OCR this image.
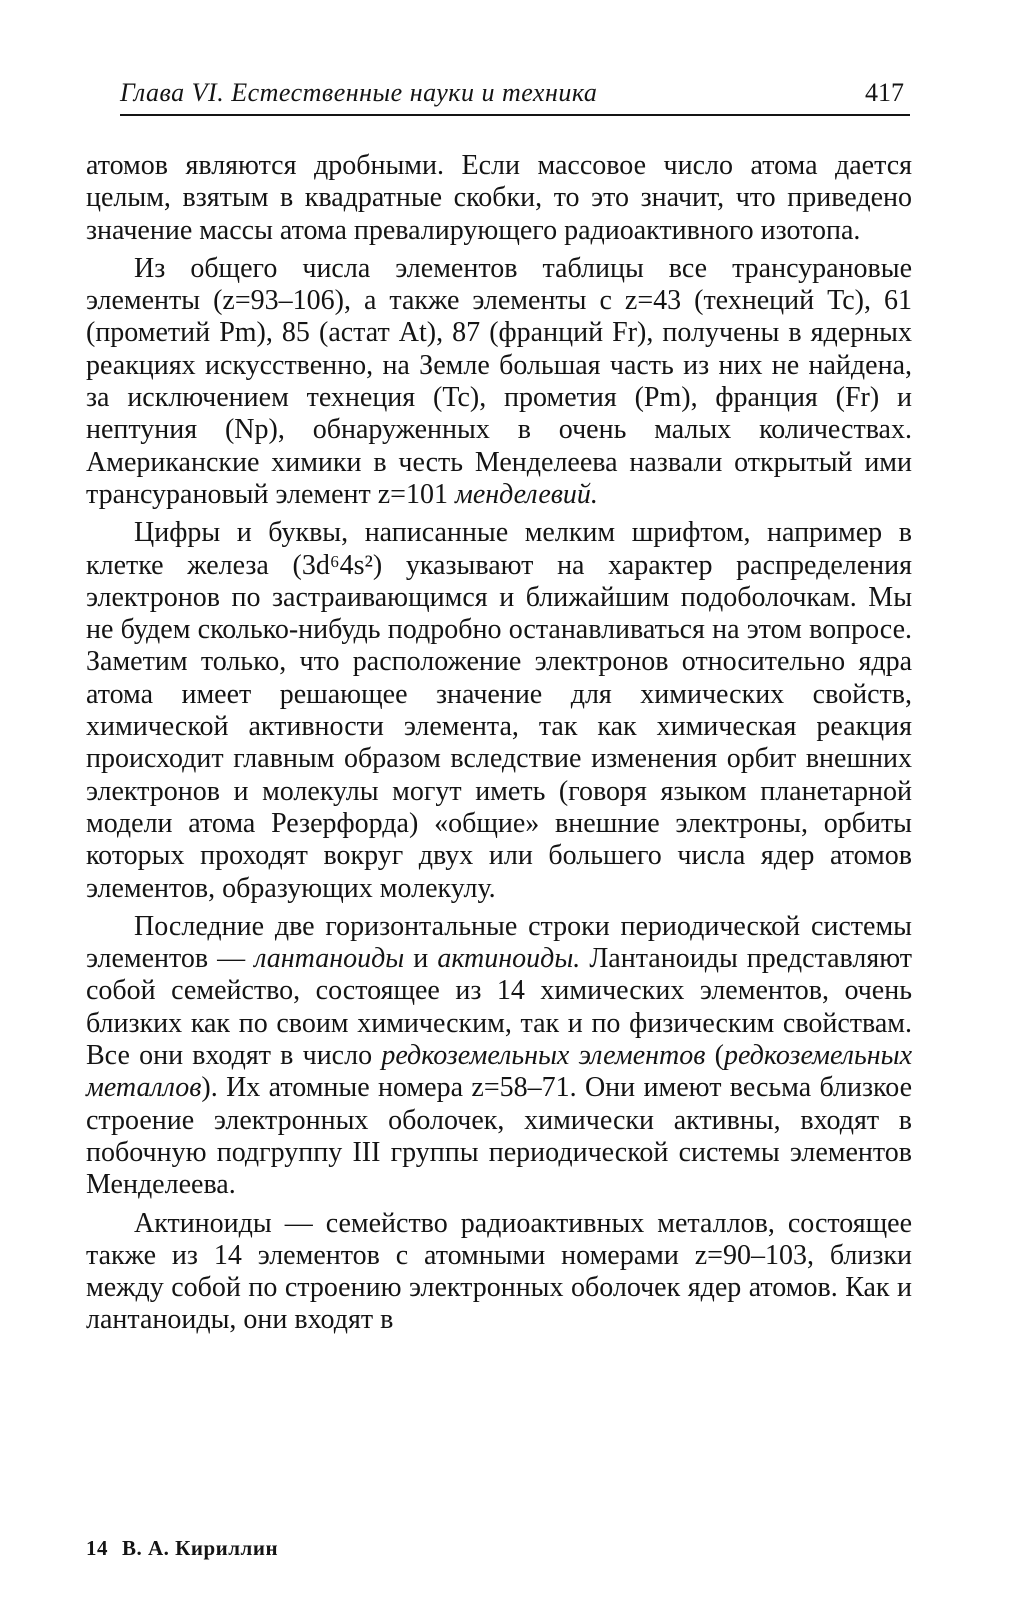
Глава VI. Естественные науки и техника	417

атомов являются дробными. Если массовое число атома дается целым, взятым в квадратные скобки, то это значит, что приведено значение массы атома превалирующего радиоактивного изотопа.

Из общего числа элементов таблицы все трансурановые элементы (z=93–106), а также элементы с z=43 (технеций Tc), 61 (прометий Pm), 85 (астат At), 87 (франций Fr), получены в ядерных реакциях искусственно, на Земле большая часть из них не найдена, за исключением технеция (Tc), прометия (Pm), франция (Fr) и нептуния (Np), обнаруженных в очень малых количествах. Американские химики в честь Менделеева назвали открытый ими трансурановый элемент z=101 менделевий.

Цифры и буквы, написанные мелким шрифтом, например в клетке железа (3d⁶4s²) указывают на характер распределения электронов по застраивающимся и ближайшим подоболочкам. Мы не будем сколько-нибудь подробно останавливаться на этом вопросе. Заметим только, что расположение электронов относительно ядра атома имеет решающее значение для химических свойств, химической активности элемента, так как химическая реакция происходит главным образом вследствие изменения орбит внешних электронов и молекулы могут иметь (говоря языком планетарной модели атома Резерфорда) «общие» внешние электроны, орбиты которых проходят вокруг двух или большего числа ядер атомов элементов, образующих молекулу.

Последние две горизонтальные строки периодической системы элементов — лантаноиды и актиноиды. Лантаноиды представляют собой семейство, состоящее из 14 химических элементов, очень близких как по своим химическим, так и по физическим свойствам. Все они входят в число редкоземельных элементов (редкоземельных металлов). Их атомные номера z=58–71. Они имеют весьма близкое строение электронных оболочек, химически активны, входят в побочную подгруппу III группы периодической системы элементов Менделеева.

Актиноиды — семейство радиоактивных металлов, состоящее также из 14 элементов с атомными номерами z=90–103, близки между собой по строению электронных оболочек ядер атомов. Как и лантаноиды, они входят в

14 В. А. Кириллин
